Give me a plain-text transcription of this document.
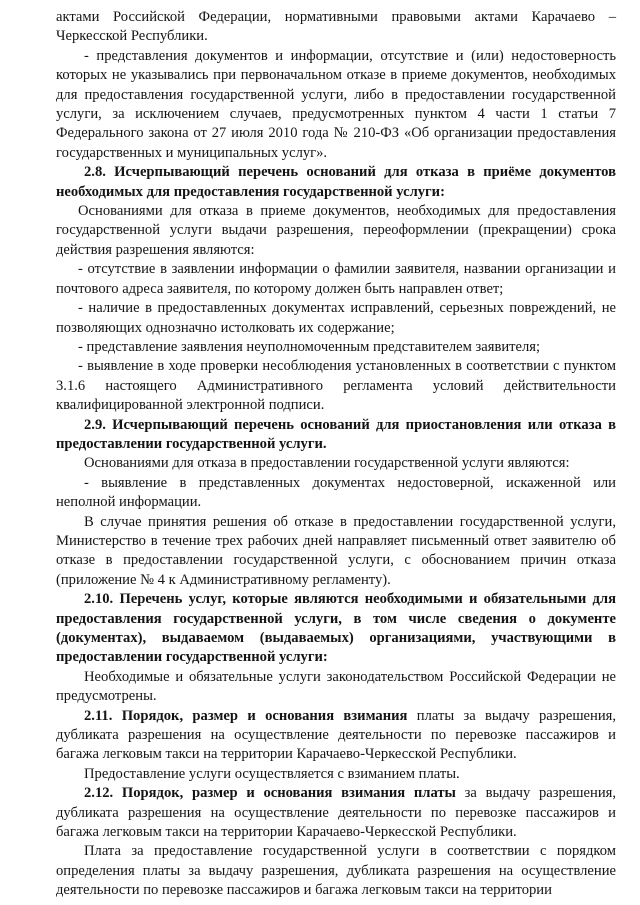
актами Российской Федерации, нормативными правовыми актами Карачаево – Черкесской Республики.

- представления документов и информации, отсутствие и (или) недостоверность которых не указывались при первоначальном отказе в приеме документов, необходимых для предоставления государственной услуги, либо в предоставлении государственной услуги, за исключением случаев, предусмотренных пунктом 4 части 1 статьи 7 Федерального закона от 27 июля 2010 года № 210-ФЗ «Об организации предоставления государственных и муниципальных услуг».

2.8. Исчерпывающий перечень оснований для отказа в приёме документов необходимых для предоставления государственной услуги:

Основаниями для отказа в приеме документов, необходимых для предоставления государственной услуги выдачи разрешения, переоформлении (прекращении) срока действия разрешения являются:

- отсутствие в заявлении информации о фамилии заявителя, названии организации и почтового адреса заявителя, по которому должен быть направлен ответ;

- наличие в предоставленных документах исправлений, серьезных повреждений, не позволяющих однозначно истолковать их содержание;

- представление заявления неуполномоченным представителем заявителя;

- выявление в ходе проверки несоблюдения установленных в соответствии с пунктом 3.1.6 настоящего Административного регламента условий действительности квалифицированной электронной подписи.

2.9. Исчерпывающий перечень оснований для приостановления или отказа в предоставлении государственной услуги.

Основаниями для отказа в предоставлении государственной услуги являются:

- выявление в представленных документах недостоверной, искаженной или неполной информации.

В случае принятия решения об отказе в предоставлении государственной услуги, Министерство в течение трех рабочих дней направляет письменный ответ заявителю об отказе в предоставлении государственной услуги, с обоснованием причин отказа (приложение № 4 к Административному регламенту).

2.10. Перечень услуг, которые являются необходимыми и обязательными для предоставления государственной услуги, в том числе сведения о документе (документах), выдаваемом (выдаваемых) организациями, участвующими в предоставлении государственной услуги:

Необходимые и обязательные услуги законодательством Российской Федерации не предусмотрены.

2.11. Порядок, размер и основания взимания платы за выдачу разрешения, дубликата разрешения на осуществление деятельности по перевозке пассажиров и багажа легковым такси на территории Карачаево-Черкесской Республики.

Предоставление услуги осуществляется с взиманием платы.

2.12. Порядок, размер и основания взимания платы за выдачу разрешения, дубликата разрешения на осуществление деятельности по перевозке пассажиров и багажа легковым такси на территории Карачаево-Черкесской Республики.

Плата за предоставление государственной услуги в соответствии с порядком определения платы за выдачу разрешения, дубликата разрешения на осуществление деятельности по перевозке пассажиров и багажа легковым такси на территории
